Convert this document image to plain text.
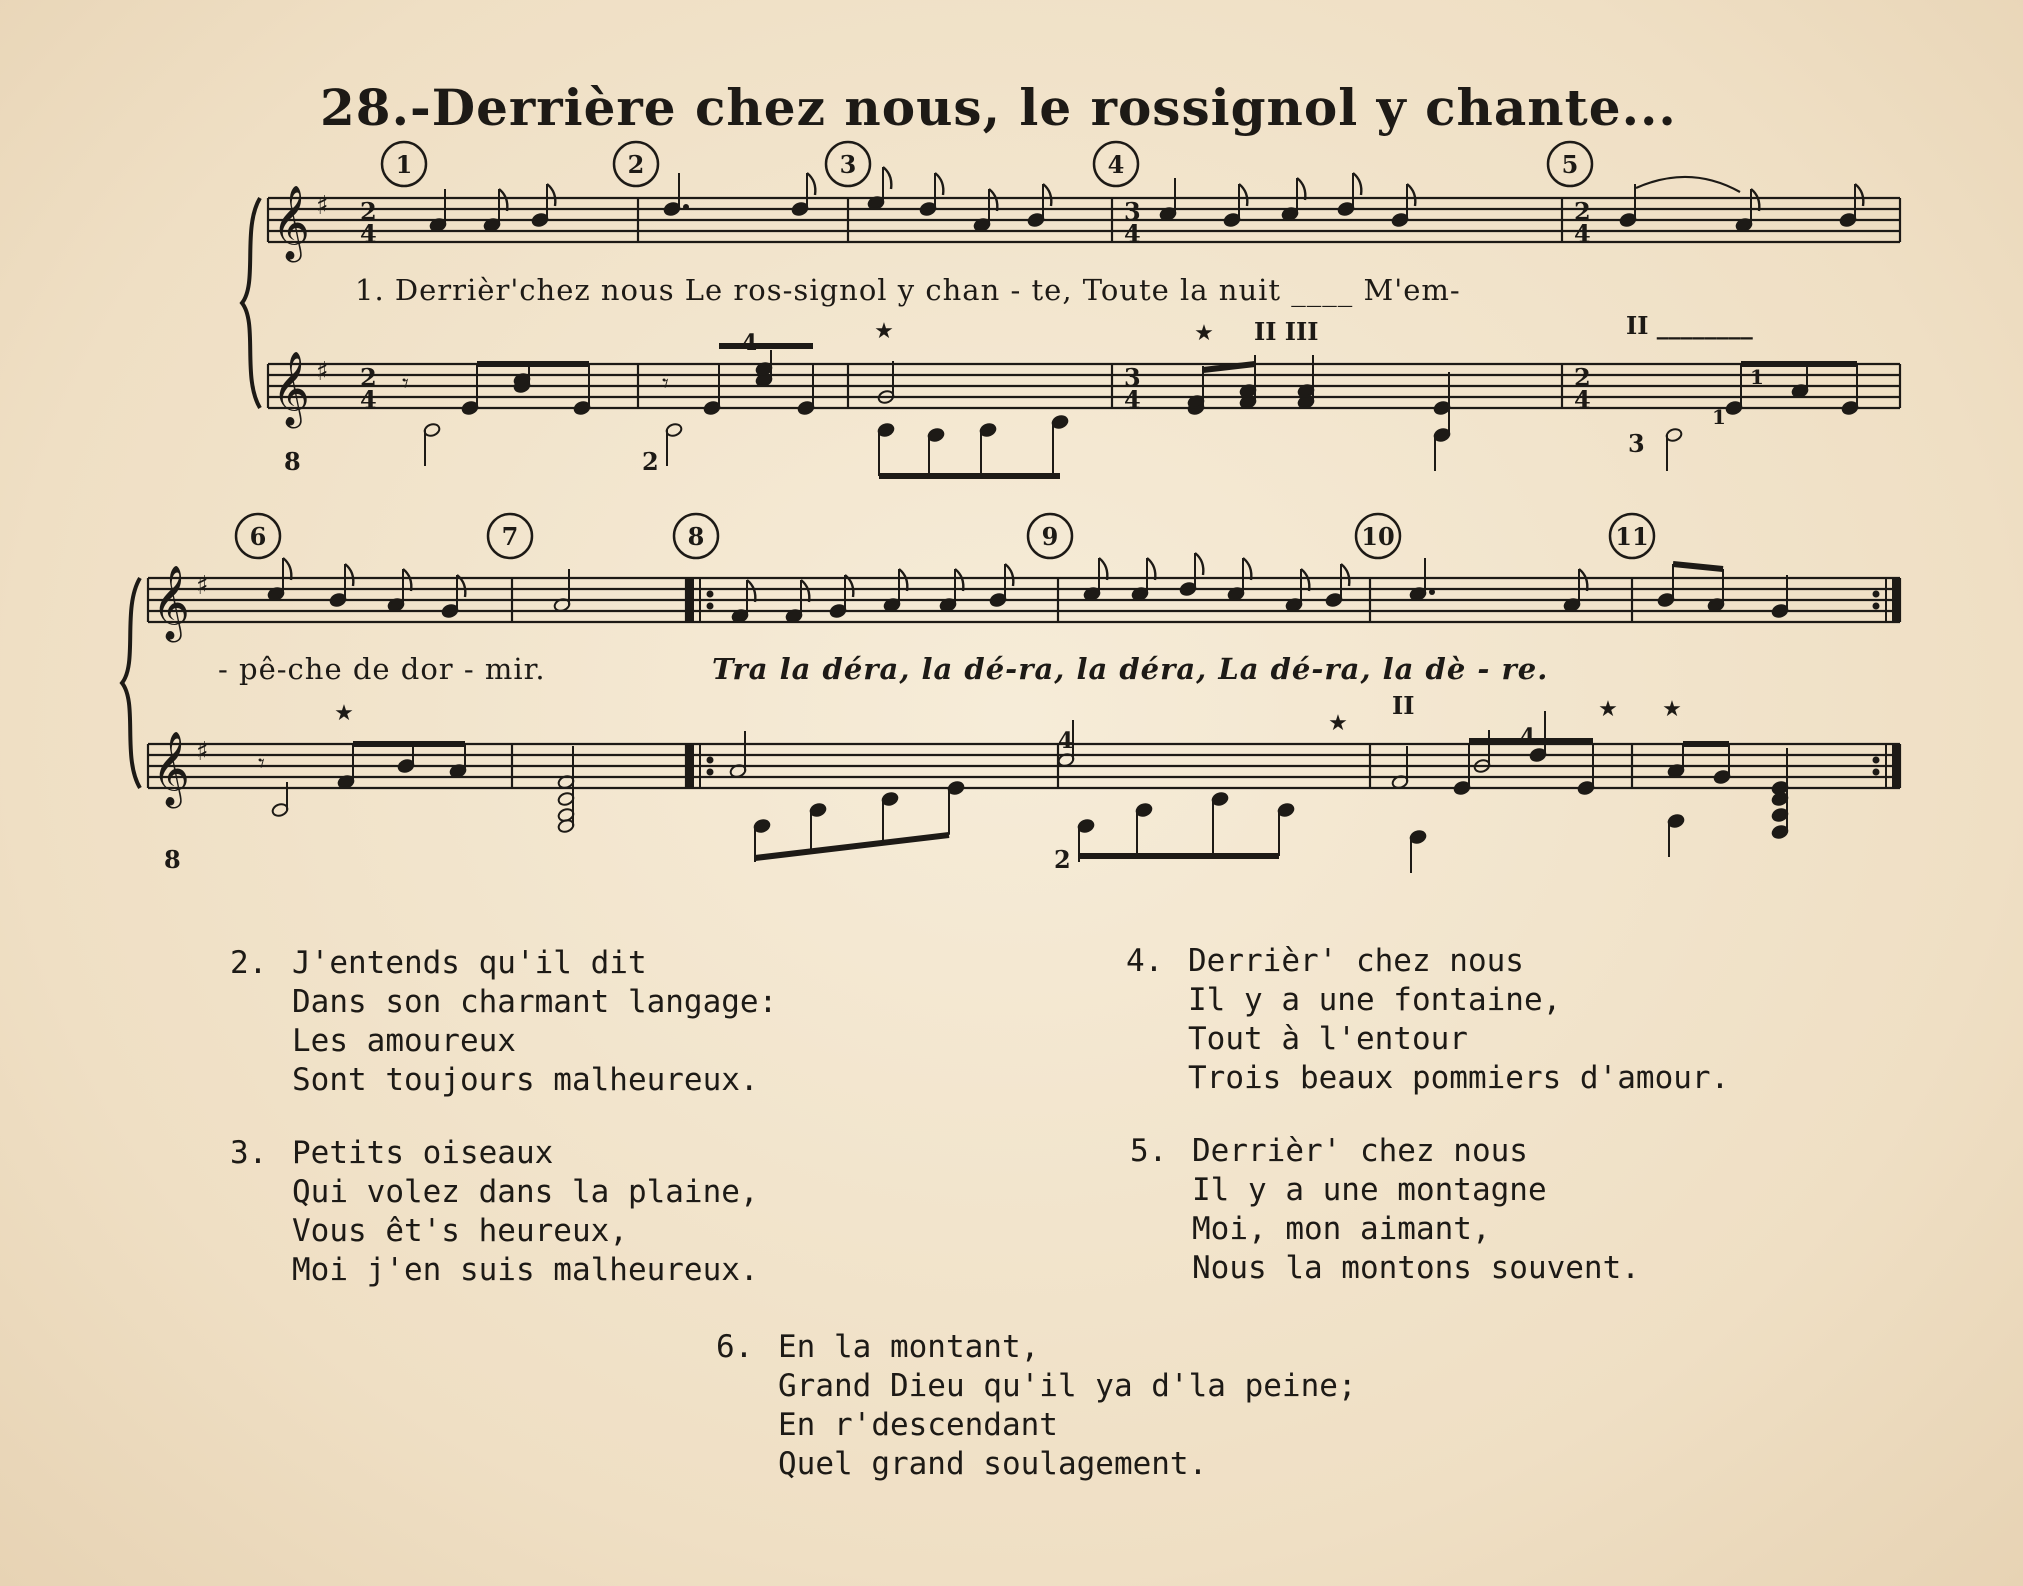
28.-Derrière chez nous, le rossignol y chante...
1	2	3	4	5
6	7	8	9	10	11
𝄞 ♯
𝄞 ♯
𝄞 ♯
𝄞 ♯
2
4
2
4
3
4
3
4
2
4
2
4
𝄾	𝄾
𝄾
8	2
3
4	II III	II ________
1
1
★	★
8	2
4	4
II
★	★
★ ★
1. Derrièr'chez nous Le ros-signol y chan - te, Toute la nuit ____ M'em-
- pê-che de dor - mir.	Tra la déra, la dé-ra, la déra, La dé-ra, la dè - re.
2. J'entends qu'il dit
Dans son charmant langage:
Les amoureux
Sont toujours malheureux.
4. Derrièr' chez nous
Il y a une fontaine,
Tout à l'entour
Trois beaux pommiers d'amour.
3. Petits oiseaux
Qui volez dans la plaine,
Vous êt's heureux,
Moi j'en suis malheureux.
5. Derrièr' chez nous
Il y a une montagne
Moi, mon aimant,
Nous la montons souvent.
6. En la montant,
Grand Dieu qu'il ya d'la peine;
En r'descendant
Quel grand soulagement.
